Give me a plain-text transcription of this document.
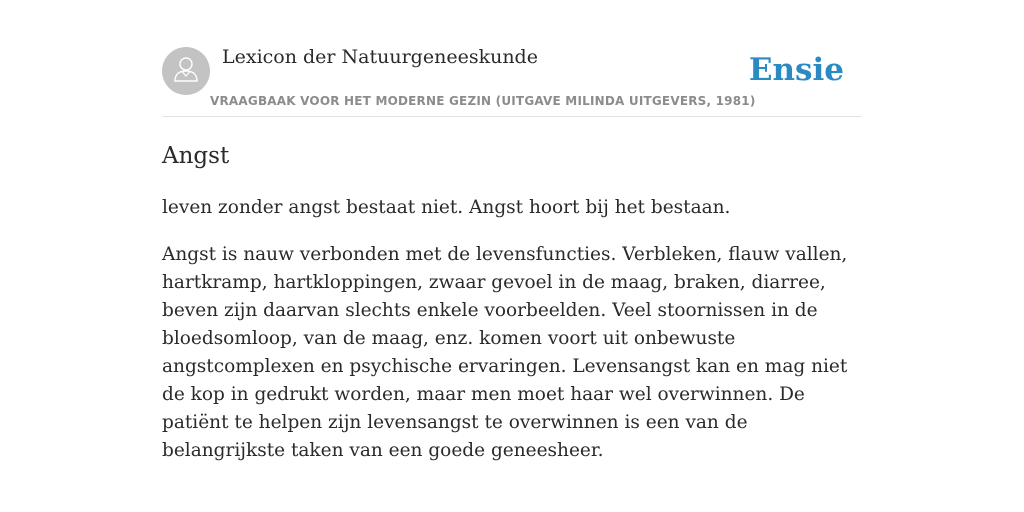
Lexicon der Natuurgeneeskunde
VRAAGBAAK VOOR HET MODERNE GEZIN (UITGAVE MILINDA UITGEVERS, 1981)
Ensie
Angst

leven zonder angst bestaat niet. Angst hoort bij het bestaan.

Angst is nauw verbonden met de levensfuncties. Verbleken, flauw vallen, hartkramp, hartkloppingen, zwaar gevoel in de maag, braken, diarree, beven zijn daarvan slechts enkele voorbeelden. Veel stoornissen in de bloedsomloop, van de maag, enz. komen voort uit onbewuste angstcomplexen en psychische ervaringen. Levensangst kan en mag niet de kop in gedrukt worden, maar men moet haar wel overwinnen. De patiënt te helpen zijn levensangst te overwinnen is een van de belangrijkste taken van een goede geneesheer.
